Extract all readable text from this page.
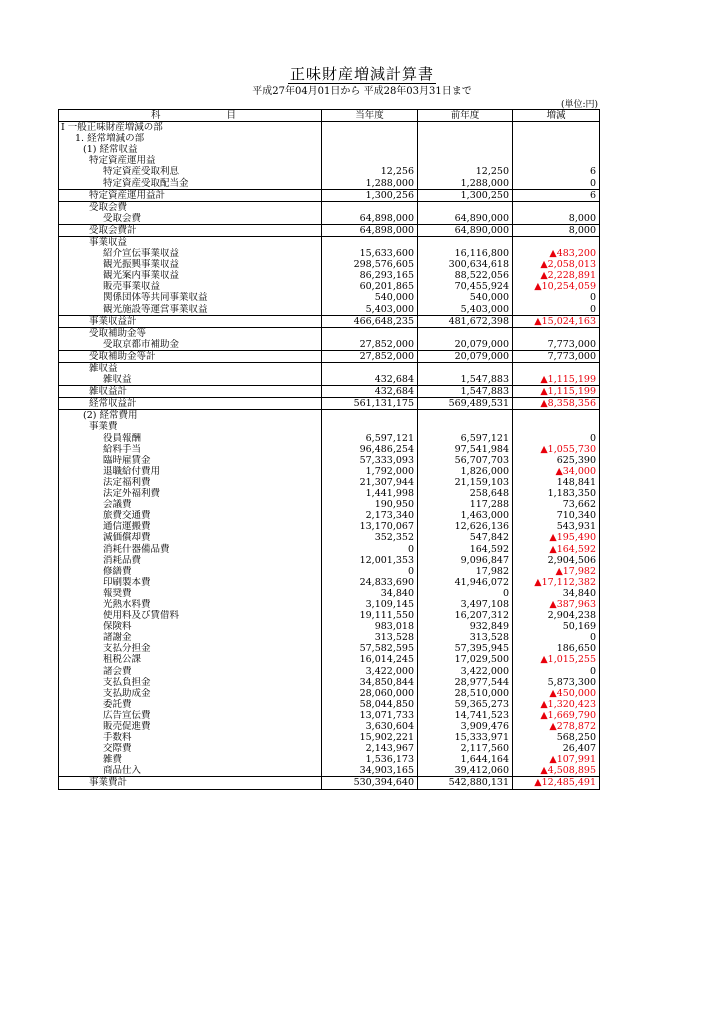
正味財産増減計算書
平成27年04月01日から 平成28年03月31日まで
(単位:円)
科 目	当年度	前年度	増減
Ⅰ 一般正味財産増減の部			
1. 経常増減の部			
(1) 経常収益			
特定資産運用益			
特定資産受取利息	12,256	12,250	6
特定資産受取配当金	1,288,000	1,288,000	0
特定資産運用益計	1,300,256	1,300,250	6
受取会費			
受取会費	64,898,000	64,890,000	8,000
受取会費計	64,898,000	64,890,000	8,000
事業収益			
紹介宣伝事業収益	15,633,600	16,116,800	▲483,200
観光振興事業収益	298,576,605	300,634,618	▲2,058,013
観光案内事業収益	86,293,165	88,522,056	▲2,228,891
販売事業収益	60,201,865	70,455,924	▲10,254,059
関係団体等共同事業収益	540,000	540,000	0
観光施設等運営事業収益	5,403,000	5,403,000	0
事業収益計	466,648,235	481,672,398	▲15,024,163
受取補助金等			
受取京都市補助金	27,852,000	20,079,000	7,773,000
受取補助金等計	27,852,000	20,079,000	7,773,000
雑収益			
雑収益	432,684	1,547,883	▲1,115,199
雑収益計	432,684	1,547,883	▲1,115,199
経常収益計	561,131,175	569,489,531	▲8,358,356
(2) 経常費用			
事業費			
役員報酬	6,597,121	6,597,121	0
給料手当	96,486,254	97,541,984	▲1,055,730
臨時雇賃金	57,333,093	56,707,703	625,390
退職給付費用	1,792,000	1,826,000	▲34,000
法定福利費	21,307,944	21,159,103	148,841
法定外福利費	1,441,998	258,648	1,183,350
会議費	190,950	117,288	73,662
旅費交通費	2,173,340	1,463,000	710,340
通信運搬費	13,170,067	12,626,136	543,931
減価償却費	352,352	547,842	▲195,490
消耗什器備品費	0	164,592	▲164,592
消耗品費	12,001,353	9,096,847	2,904,506
修繕費	0	17,982	▲17,982
印刷製本費	24,833,690	41,946,072	▲17,112,382
報奨費	34,840	0	34,840
光熱水料費	3,109,145	3,497,108	▲387,963
使用料及び賃借料	19,111,550	16,207,312	2,904,238
保険料	983,018	932,849	50,169
諸謝金	313,528	313,528	0
支払分担金	57,582,595	57,395,945	186,650
租税公課	16,014,245	17,029,500	▲1,015,255
諸会費	3,422,000	3,422,000	0
支払負担金	34,850,844	28,977,544	5,873,300
支払助成金	28,060,000	28,510,000	▲450,000
委託費	58,044,850	59,365,273	▲1,320,423
広告宣伝費	13,071,733	14,741,523	▲1,669,790
販売促進費	3,630,604	3,909,476	▲278,872
手数料	15,902,221	15,333,971	568,250
交際費	2,143,967	2,117,560	26,407
雑費	1,536,173	1,644,164	▲107,991
商品仕入	34,903,165	39,412,060	▲4,508,895
事業費計	530,394,640	542,880,131	▲12,485,491
